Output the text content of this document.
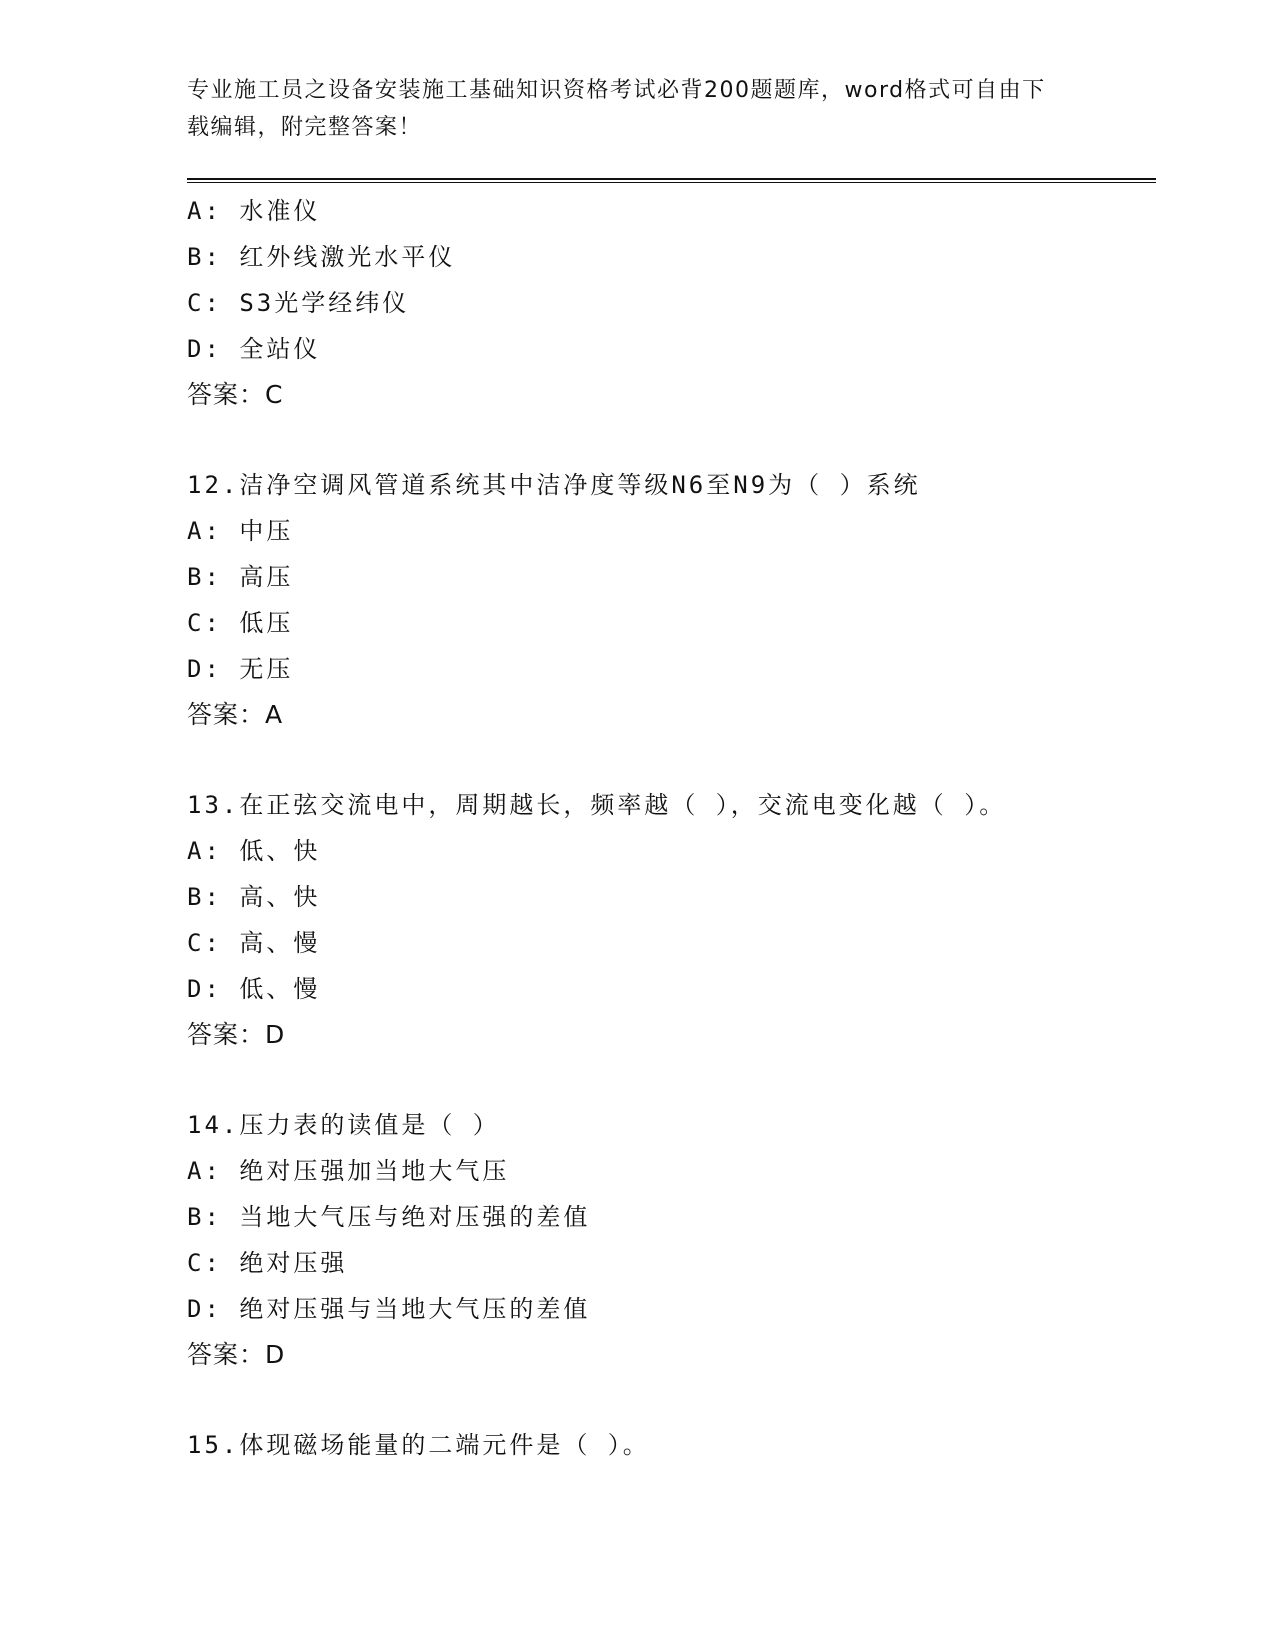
专业施工员之设备安装施工基础知识资格考试必背200题题库，word格式可自由下载编辑，附完整答案！
A: 水准仪
B: 红外线激光水平仪
C: S3光学经纬仪
D: 全站仪
答案：C
12.洁净空调风管道系统其中洁净度等级N6至N9为（ ）系统
A: 中压
B: 高压
C: 低压
D: 无压
答案：A
13.在正弦交流电中，周期越长，频率越（ ），交流电变化越（ ）。
A: 低、快
B: 高、快
C: 高、慢
D: 低、慢
答案：D
14.压力表的读值是（ ）
A: 绝对压强加当地大气压
B: 当地大气压与绝对压强的差值
C: 绝对压强
D: 绝对压强与当地大气压的差值
答案：D
15.体现磁场能量的二端元件是（ ）。
